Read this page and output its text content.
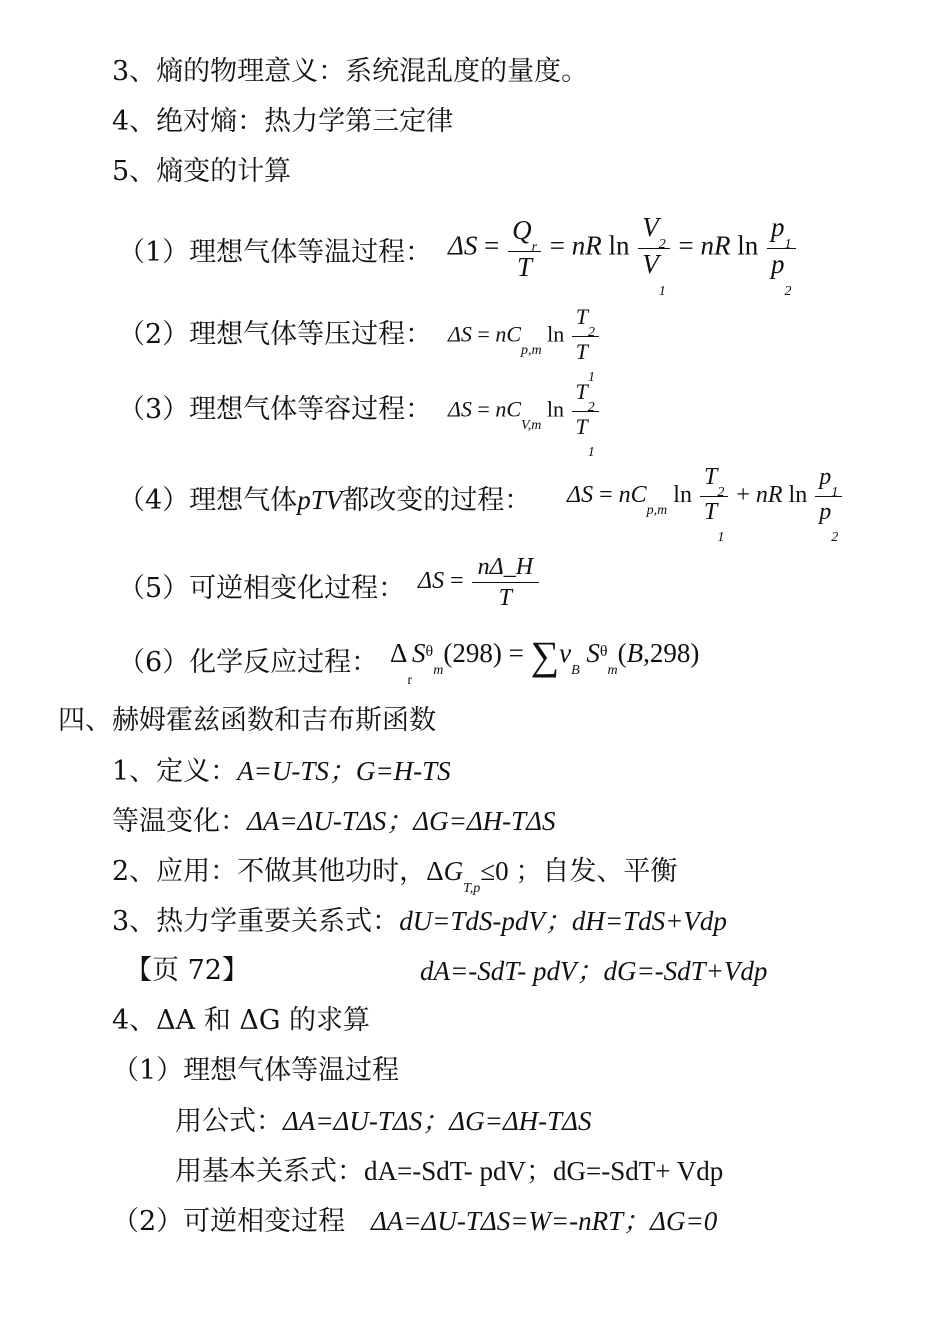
3、熵的物理意义：系统混乱度的量度。
4、绝对熵：热力学第三定律
5、熵变的计算
（1）理想气体等温过程： $\Delta S = \frac{Q_r}{T}$ = nR $\ln \frac{V_2}{V_1}$ = nR $\ln \frac{p_1}{p_2}$
（2）理想气体等压过程： $\Delta S = nC_{p,m}$ $\ln \frac{T_2}{T_1}$
（3）理想气体等容过程： $\Delta S = nC_{V,m}$ $\ln \frac{T_2}{T_1}$
（4）理想气体pTV都改变的过程： $\Delta S = nC_{p,m}$ $\ln \frac{T_2}{T_1}$ + nR $\ln \frac{p_1}{p_2}$
（5）可逆相变化过程： $\Delta S = \frac{n\Delta\_H}{T}$
（6）化学反应过程： $\Delta_rS^\theta_m(298) = \sum\nu_B$ $S^\theta_m(B,298)$
四、赫姆霍兹函数和吉布斯函数
1、定义：A=U-TS；G=H-TS
等温变化：ΔA=ΔU-TΔS；ΔG=ΔH-TΔS
2、应用：不做其他功时，$\Delta G_{T,p}\le 0$ ；自发、平衡
3、热力学重要关系式：dU=TdS-pdV；dH=TdS+Vdp
【页 72】	dA=-SdT- pdV；dG=-SdT+Vdp
4、ΔA 和 ΔG 的求算
（1）理想气体等温过程
用公式：ΔA=ΔU-TΔS；ΔG=ΔH-TΔS
用基本关系式：dA=-SdT- pdV；dG=-SdT+ Vdp
（2）可逆相变过程 ΔA=ΔU-TΔS=W=-nRT；ΔG=0
